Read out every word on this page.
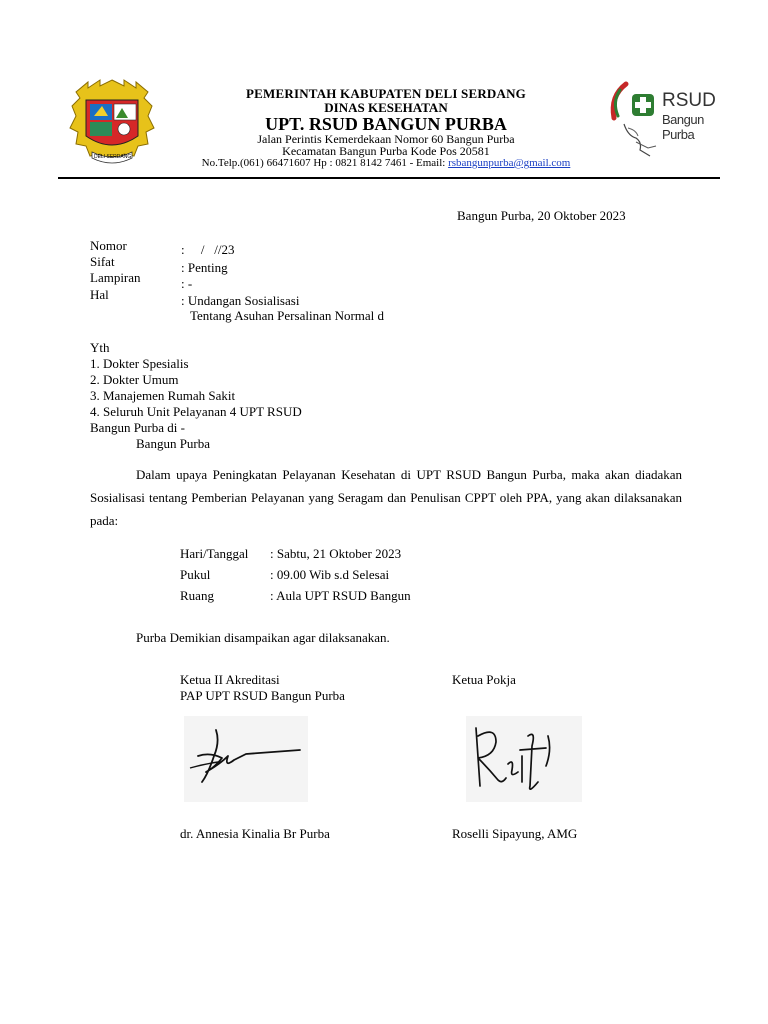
DELI SERDANG
PEMERINTAH KABUPATEN DELI SERDANG
DINAS KESEHATAN
UPT. RSUD BANGUN PURBA
Jalan Perintis Kemerdekaan Nomor 60 Bangun Purba
Kecamatan Bangun Purba Kode Pos 20581
No.Telp.(061) 66471607 Hp : 0821 8142 7461 - Email: rsbangunpurba@gmail.com
RSUD
Bangun Purba
Bangun Purba, 20 Oktober 2023
Nomor	:     /   //23
Sifat	: Penting
Lampiran	: -
Hal	: Undangan Sosialisasi
Tentang Asuhan Persalinan Normal d
Yth
1. Dokter Spesialis
2. Dokter Umum
3. Manajemen Rumah Sakit
4. Seluruh Unit Pelayanan 4 UPT RSUD
Bangun Purba di -
Bangun Purba
Dalam upaya Peningkatan Pelayanan Kesehatan di UPT RSUD Bangun Purba, maka akan diadakan Sosialisasi tentang Pemberian Pelayanan yang Seragam dan Penulisan CPPT oleh PPA, yang akan dilaksanakan pada:
Hari/Tanggal : Sabtu, 21 Oktober 2023
Pukul	: 09.00 Wib s.d Selesai
Ruang	: Aula UPT RSUD Bangun
Purba Demikian disampaikan agar dilaksanakan.
Ketua II Akreditasi
PAP UPT RSUD Bangun Purba
Ketua Pokja
dr. Annesia Kinalia Br Purba	Roselli Sipayung, AMG
